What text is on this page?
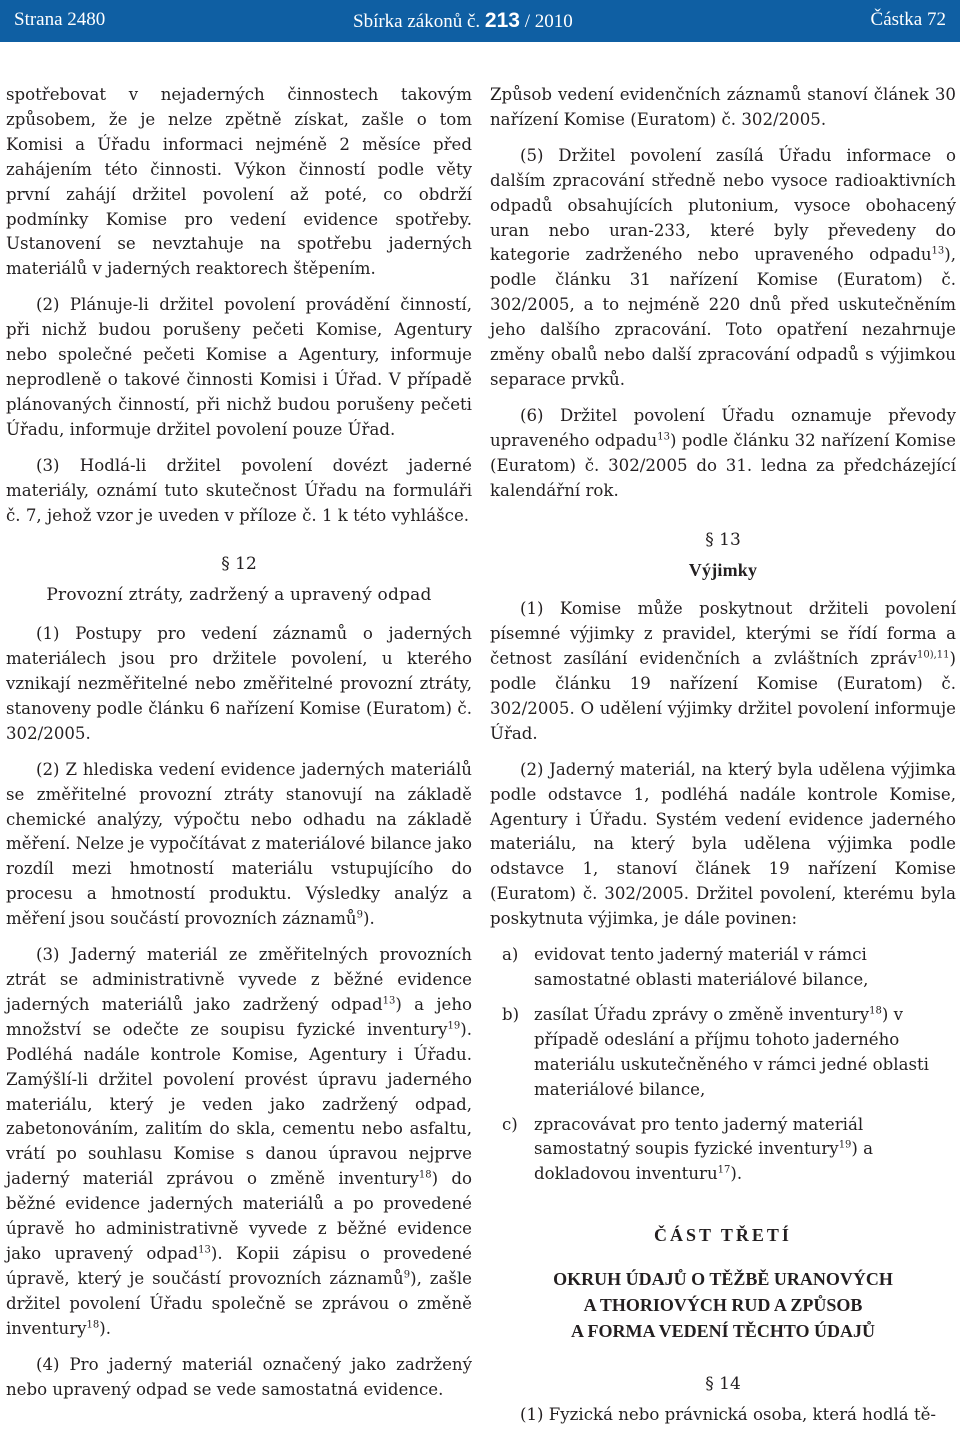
Strana 2480	Sbírka zákonů č. 213 / 2010	Částka 72

spotřebovat v nejaderných činnostech takovým způsobem, že je nelze zpětně získat, zašle o tom Komisi a Úřadu informaci nejméně 2 měsíce před zahájením této činnosti. Výkon činností podle věty první zahájí držitel povolení až poté, co obdrží podmínky Komise pro vedení evidence spotřeby. Ustanovení se nevztahuje na spotřebu jaderných materiálů v jaderných reaktorech štěpením.

(2) Plánuje-li držitel povolení provádění činností, při nichž budou porušeny pečeti Komise, Agentury nebo společné pečeti Komise a Agentury, informuje neprodleně o takové činnosti Komisi i Úřad. V případě plánovaných činností, při nichž budou porušeny pečeti Úřadu, informuje držitel povolení pouze Úřad.

(3) Hodlá-li držitel povolení dovézt jaderné materiály, oznámí tuto skutečnost Úřadu na formuláři č. 7, jehož vzor je uveden v příloze č. 1 k této vyhlášce.

§ 12
Provozní ztráty, zadržený a upravený odpad

(1) Postupy pro vedení záznamů o jaderných materiálech jsou pro držitele povolení, u kterého vznikají nezměřitelné nebo změřitelné provozní ztráty, stanoveny podle článku 6 nařízení Komise (Euratom) č. 302/2005.

(2) Z hlediska vedení evidence jaderných materiálů se změřitelné provozní ztráty stanovují na základě chemické analýzy, výpočtu nebo odhadu na základě měření. Nelze je vypočítávat z materiálové bilance jako rozdíl mezi hmotností materiálu vstupujícího do procesu a hmotností produktu. Výsledky analýz a měření jsou součástí provozních záznamů$^9$).

(3) Jaderný materiál ze změřitelných provozních ztrát se administrativně vyvede z běžné evidence jaderných materiálů jako zadržený odpad$^{13}$) a jeho množství se odečte ze soupisu fyzické inventury$^{19}$). Podléhá nadále kontrole Komise, Agentury i Úřadu. Zamýšlí-li držitel povolení provést úpravu jaderného materiálu, který je veden jako zadržený odpad, zabetonováním, zalitím do skla, cementu nebo asfaltu, vrátí po souhlasu Komise s danou úpravou nejprve jaderný materiál zprávou o změně inventury$^{18}$) do běžné evidence jaderných materiálů a po provedené úpravě ho administrativně vyvede z běžné evidence jako upravený odpad$^{13}$). Kopii zápisu o provedené úpravě, který je součástí provozních záznamů$^9$), zašle držitel povolení Úřadu společně se zprávou o změně inventury$^{18}$).

(4) Pro jaderný materiál označený jako zadržený nebo upravený odpad se vede samostatná evidence.

Způsob vedení evidenčních záznamů stanoví článek 30 nařízení Komise (Euratom) č. 302/2005.

(5) Držitel povolení zasílá Úřadu informace o dalším zpracování středně nebo vysoce radioaktivních odpadů obsahujících plutonium, vysoce obohacený uran nebo uran-233, které byly převedeny do kategorie zadrženého nebo upraveného odpadu$^{13}$), podle článku 31 nařízení Komise (Euratom) č. 302/2005, a to nejméně 220 dnů před uskutečněním jeho dalšího zpracování. Toto opatření nezahrnuje změny obalů nebo další zpracování odpadů s výjimkou separace prvků.

(6) Držitel povolení Úřadu oznamuje převody upraveného odpadu$^{13}$) podle článku 32 nařízení Komise (Euratom) č. 302/2005 do 31. ledna za předcházející kalendářní rok.

§ 13
Výjimky

(1) Komise může poskytnout držiteli povolení písemné výjimky z pravidel, kterými se řídí forma a četnost zasílání evidenčních a zvláštních zpráv$^{10),11}$) podle článku 19 nařízení Komise (Euratom) č. 302/2005. O udělení výjimky držitel povolení informuje Úřad.

(2) Jaderný materiál, na který byla udělena výjimka podle odstavce 1, podléhá nadále kontrole Komise, Agentury i Úřadu. Systém vedení evidence jaderného materiálu, na který byla udělena výjimka podle odstavce 1, stanoví článek 19 nařízení Komise (Euratom) č. 302/2005. Držitel povolení, kterému byla poskytnuta výjimka, je dále povinen:

a) evidovat tento jaderný materiál v rámci samostatné oblasti materiálové bilance,
b) zasílat Úřadu zprávy o změně inventury$^{18}$) v případě odeslání a příjmu tohoto jaderného materiálu uskutečněného v rámci jedné oblasti materiálové bilance,
c) zpracovávat pro tento jaderný materiál samostatný soupis fyzické inventury$^{19}$) a dokladovou inventuru$^{17}$).
ČÁST TŘETÍ
OKRUH ÚDAJŮ O TĚŽBĚ URANOVÝCH
A THORIOVÝCH RUD A ZPŮSOB
A FORMA VEDENÍ TĚCHTO ÚDAJŮ
§ 14

(1) Fyzická nebo právnická osoba, která hodlá tě-
